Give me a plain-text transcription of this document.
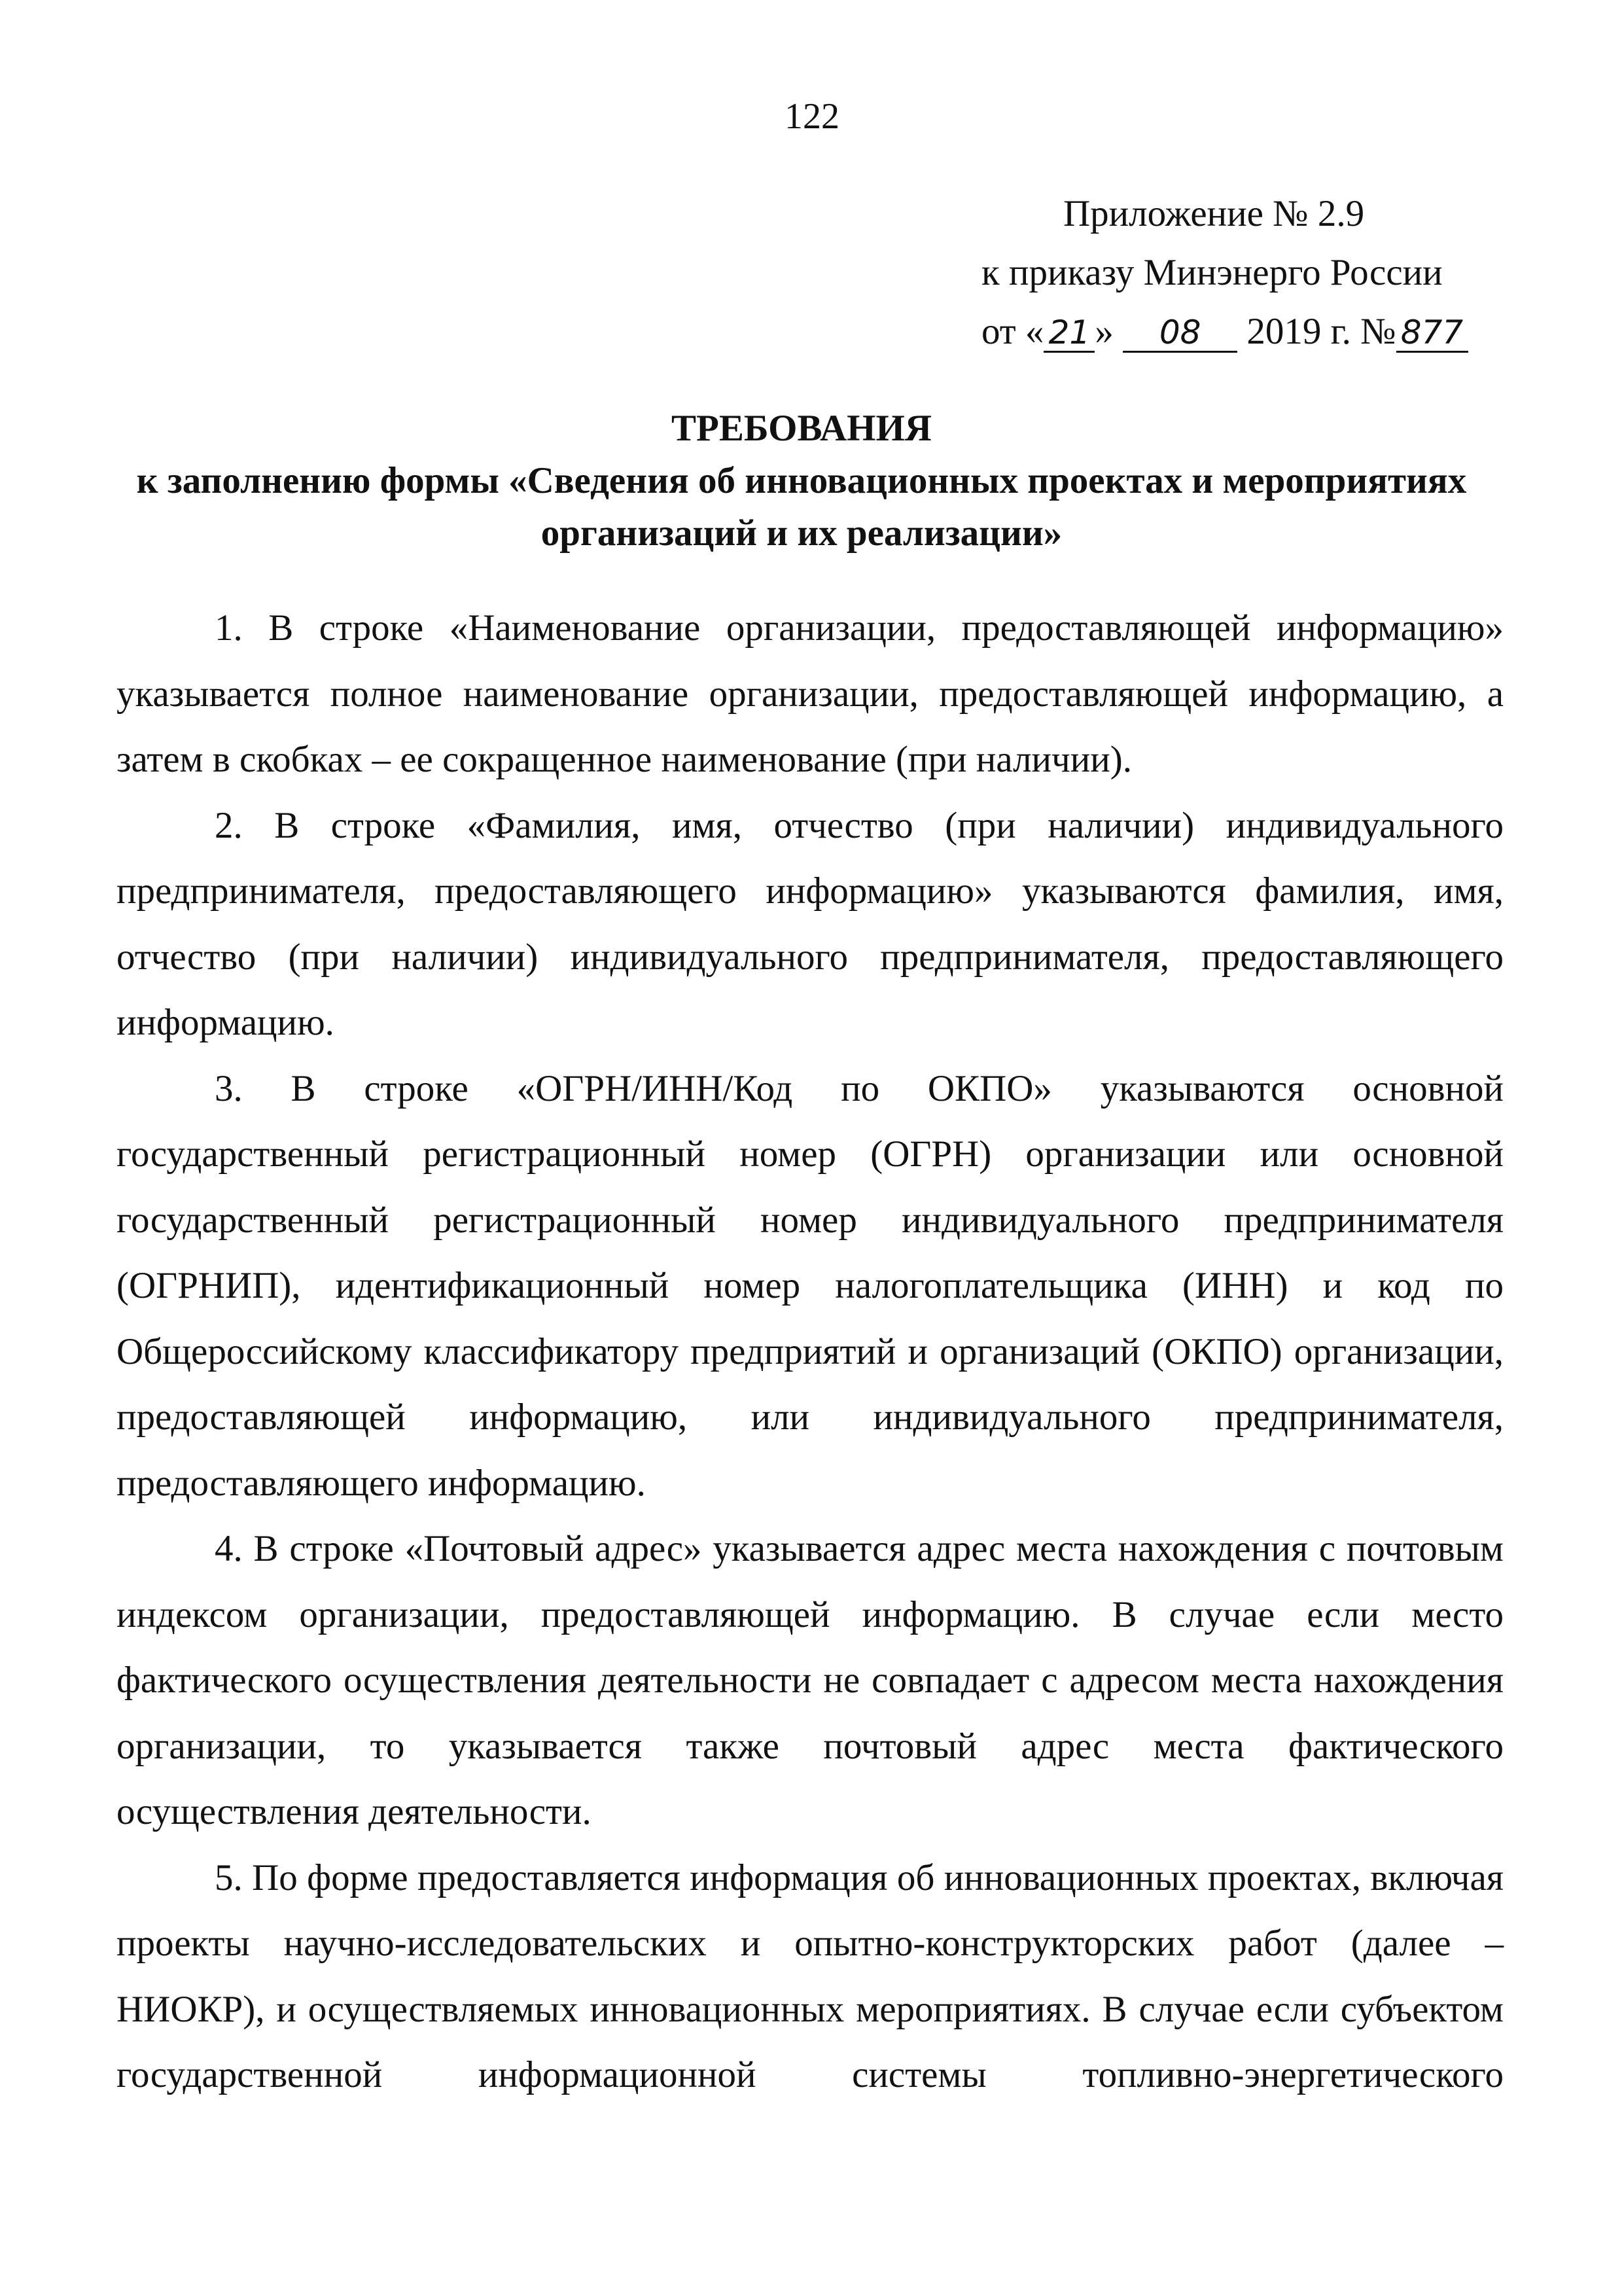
122
Приложение № 2.9
к приказу Минэнерго России
от « 21 » 08 2019 г. № 877
ТРЕБОВАНИЯ
к заполнению формы «Сведения об инновационных проектах и мероприятиях
организаций и их реализации»

1. В строке «Наименование организации, предоставляющей информацию» указывается полное наименование организации, предоставляющей информацию, а затем в скобках – ее сокращенное наименование (при наличии).

2. В строке «Фамилия, имя, отчество (при наличии) индивидуального предпринимателя, предоставляющего информацию» указываются фамилия, имя, отчество (при наличии) индивидуального предпринимателя, предоставляющего информацию.

3. В строке «ОГРН/ИНН/Код по ОКПО» указываются основной государственный регистрационный номер (ОГРН) организации или основной государственный регистрационный номер индивидуального предпринимателя (ОГРНИП), идентификационный номер налогоплательщика (ИНН) и код по Общероссийскому классификатору предприятий и организаций (ОКПО) организации, предоставляющей информацию, или индивидуального предпринимателя, предоставляющего информацию.

4. В строке «Почтовый адрес» указывается адрес места нахождения с почтовым индексом организации, предоставляющей информацию. В случае если место фактического осуществления деятельности не совпадает с адресом места нахождения организации, то указывается также почтовый адрес места фактического осуществления деятельности.

5. По форме предоставляется информация об инновационных проектах, включая проекты научно-исследовательских и опытно-конструкторских работ (далее – НИОКР), и осуществляемых инновационных мероприятиях. В случае если субъектом государственной информационной системы топливно-энергетического
